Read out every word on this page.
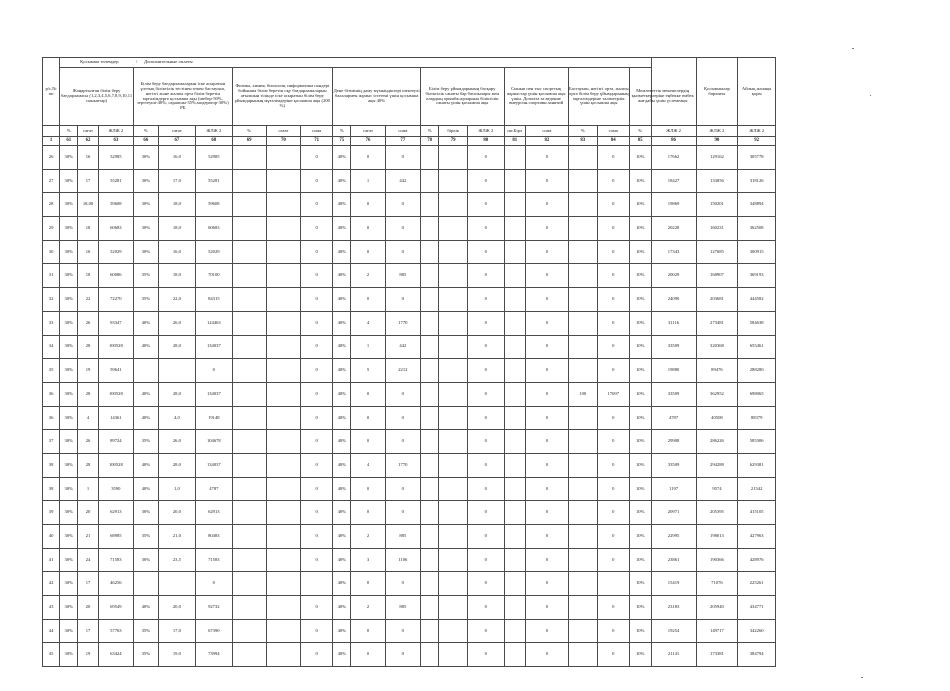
р/с,№ пп	Қосымша төлемдер / Дополнительные оплаты																					Қосымшалар барлығы	Айлық жалақы қоры
	Жаңартылған білім беру бағдарламасы (1,2,3,4,5,6,7,8,9,10,11 сыныптар)			Білім беру бағдарламаларын іске асыратын ұлттық біліктілік тестінен өткен бастауыш, негізгі және жалпы орта білім беретін мұғалімдерге қосымша ақы (шебер-50%, зерттеуші-40%, сарапшы-35%,модератор-30%) РБ			Физика, химия, биология, информатика пәндері бойынша білім беретін оқу бағдарламаларын ағылшын тілінде іске асыратын білім беру ұйымдарының мұғалімдеріне қосымша ақы (200 %)			Дене бітімінің даму мүмкіндіктері шектеулі балалармен жұмыс істегені үшін қосымша ақы 40%			Білім беру ұйымдарының басқару біліктілік санаты бар басшылары мен олардың орынбасарларына біліктілік санаты үшін қосымша ақы			Сынып пен тыс спорттық жұмыстар үшін қосымша ақы үшін. Доплата за ведение внеурочн.спортивн.занятий		Бастауыш, негізгі орта, жалпы орта білім беру ұйымдарының мұғалімдеріне тәлімгерлік үшін қосымша ақы		Мемлекеттік мекемелердің қызметкерлеріне еңбекке өмбек жағдайы үшін үстемеақы			
	%	сағат	ЖЛЖ 2	%	сағат	ЖЛЖ 2	%	сағат	сома	%	сағат	сома	%	бірлік	ЖЛЖ 2	шт.Бірл	сома	%	сома	%	ЖЛЖ 2	ЖЛЖ 2	ЖЛЖ 2
1	61	62	63	66	67	68	69	70	71	75	76	77	78	79	80	81	82	83	84	85	86	90	92
26	30%	16	52985	30%	16,0	52985			0	40%	0	0			0		0		0	10%	17662	129162	305778
27	30%	17	55281	30%	17,0	55281			0	40%	1	442			0		0		0	10%	18427	133856	318126
28	30%	18,00	59608	30%	18,0	59608			0	40%	0	0			0		0		0	10%	19869	150201	348894
29	30%	18	60683	30%	18,0	60683			0	40%	0	0			0		0		0	10%	20228	160231	362508
30	30%	16	52029	30%	16,0	52029			0	40%	0	0			0		0		0	10%	17343	127685	300915
31	30%	18	60086	35%	18,0	70100			0	40%	2	885			0		0		0	10%	20029	168907	369193
32	30%	22	72270	35%	22,0	84315			0	40%	0	0			0		0		0	10%	24090	203681	444582
33	30%	26	93347	40%	26,0	124463			0	40%	4	1770			0		0		0	10%	31116	273481	584638
34	30%	28	100528	40%	28,0	134037			0	40%	1	442			0		0		0	10%	33509	320368	655461
35	30%	19	59641			0			0	40%	5	2212			0		0		0	10%	19880	89476	288280
36	30%	28	100528	40%	28,0	134037			0	40%	0	0			0		0	100	17697	10%	33509	362952	698065
36	30%	4	14361	40%	4,0	19148			0	40%	0	0			0		0		0	10%	4787	40508	88379
37	30%	26	89724	35%	26,0	104678			0	40%	0	0			0		0		0	10%	29908	286226	585306
38	30%	28	100528	40%	28,0	134037			0	40%	4	1770			0		0		0	10%	33509	294288	629381
38	30%	1	3590	40%	1,0	4787			0	40%	0	0			0		0		0	10%	1197	9574	21542
39	30%	20	62913	30%	20,0	62913			0	40%	0	0			0		0		0	10%	20971	205395	415105
40	30%	21	68985	35%	21,0	80483			0	40%	2	885			0		0		0	10%	22995	198013	427963
41	30%	24	71583	30%	23,5	71583			0	40%	3	1106			0		0		0	10%	23861	190366	428976
42	30%	17	46256			0				40%	0	0			0		0			10%	15419	71076	225261
43	30%	20	69549	40%	20,0	92732			0	40%	2	885			0		0		0	10%	23183	205940	434771
44	30%	17	57763	35%	17,0	67390			0	40%	0	0			0		0		0	10%	19254	149717	342260
45	30%	19	63424	35%	19,0	73994			0	40%	0	0			0		0		0	10%	21141	173381	384794
